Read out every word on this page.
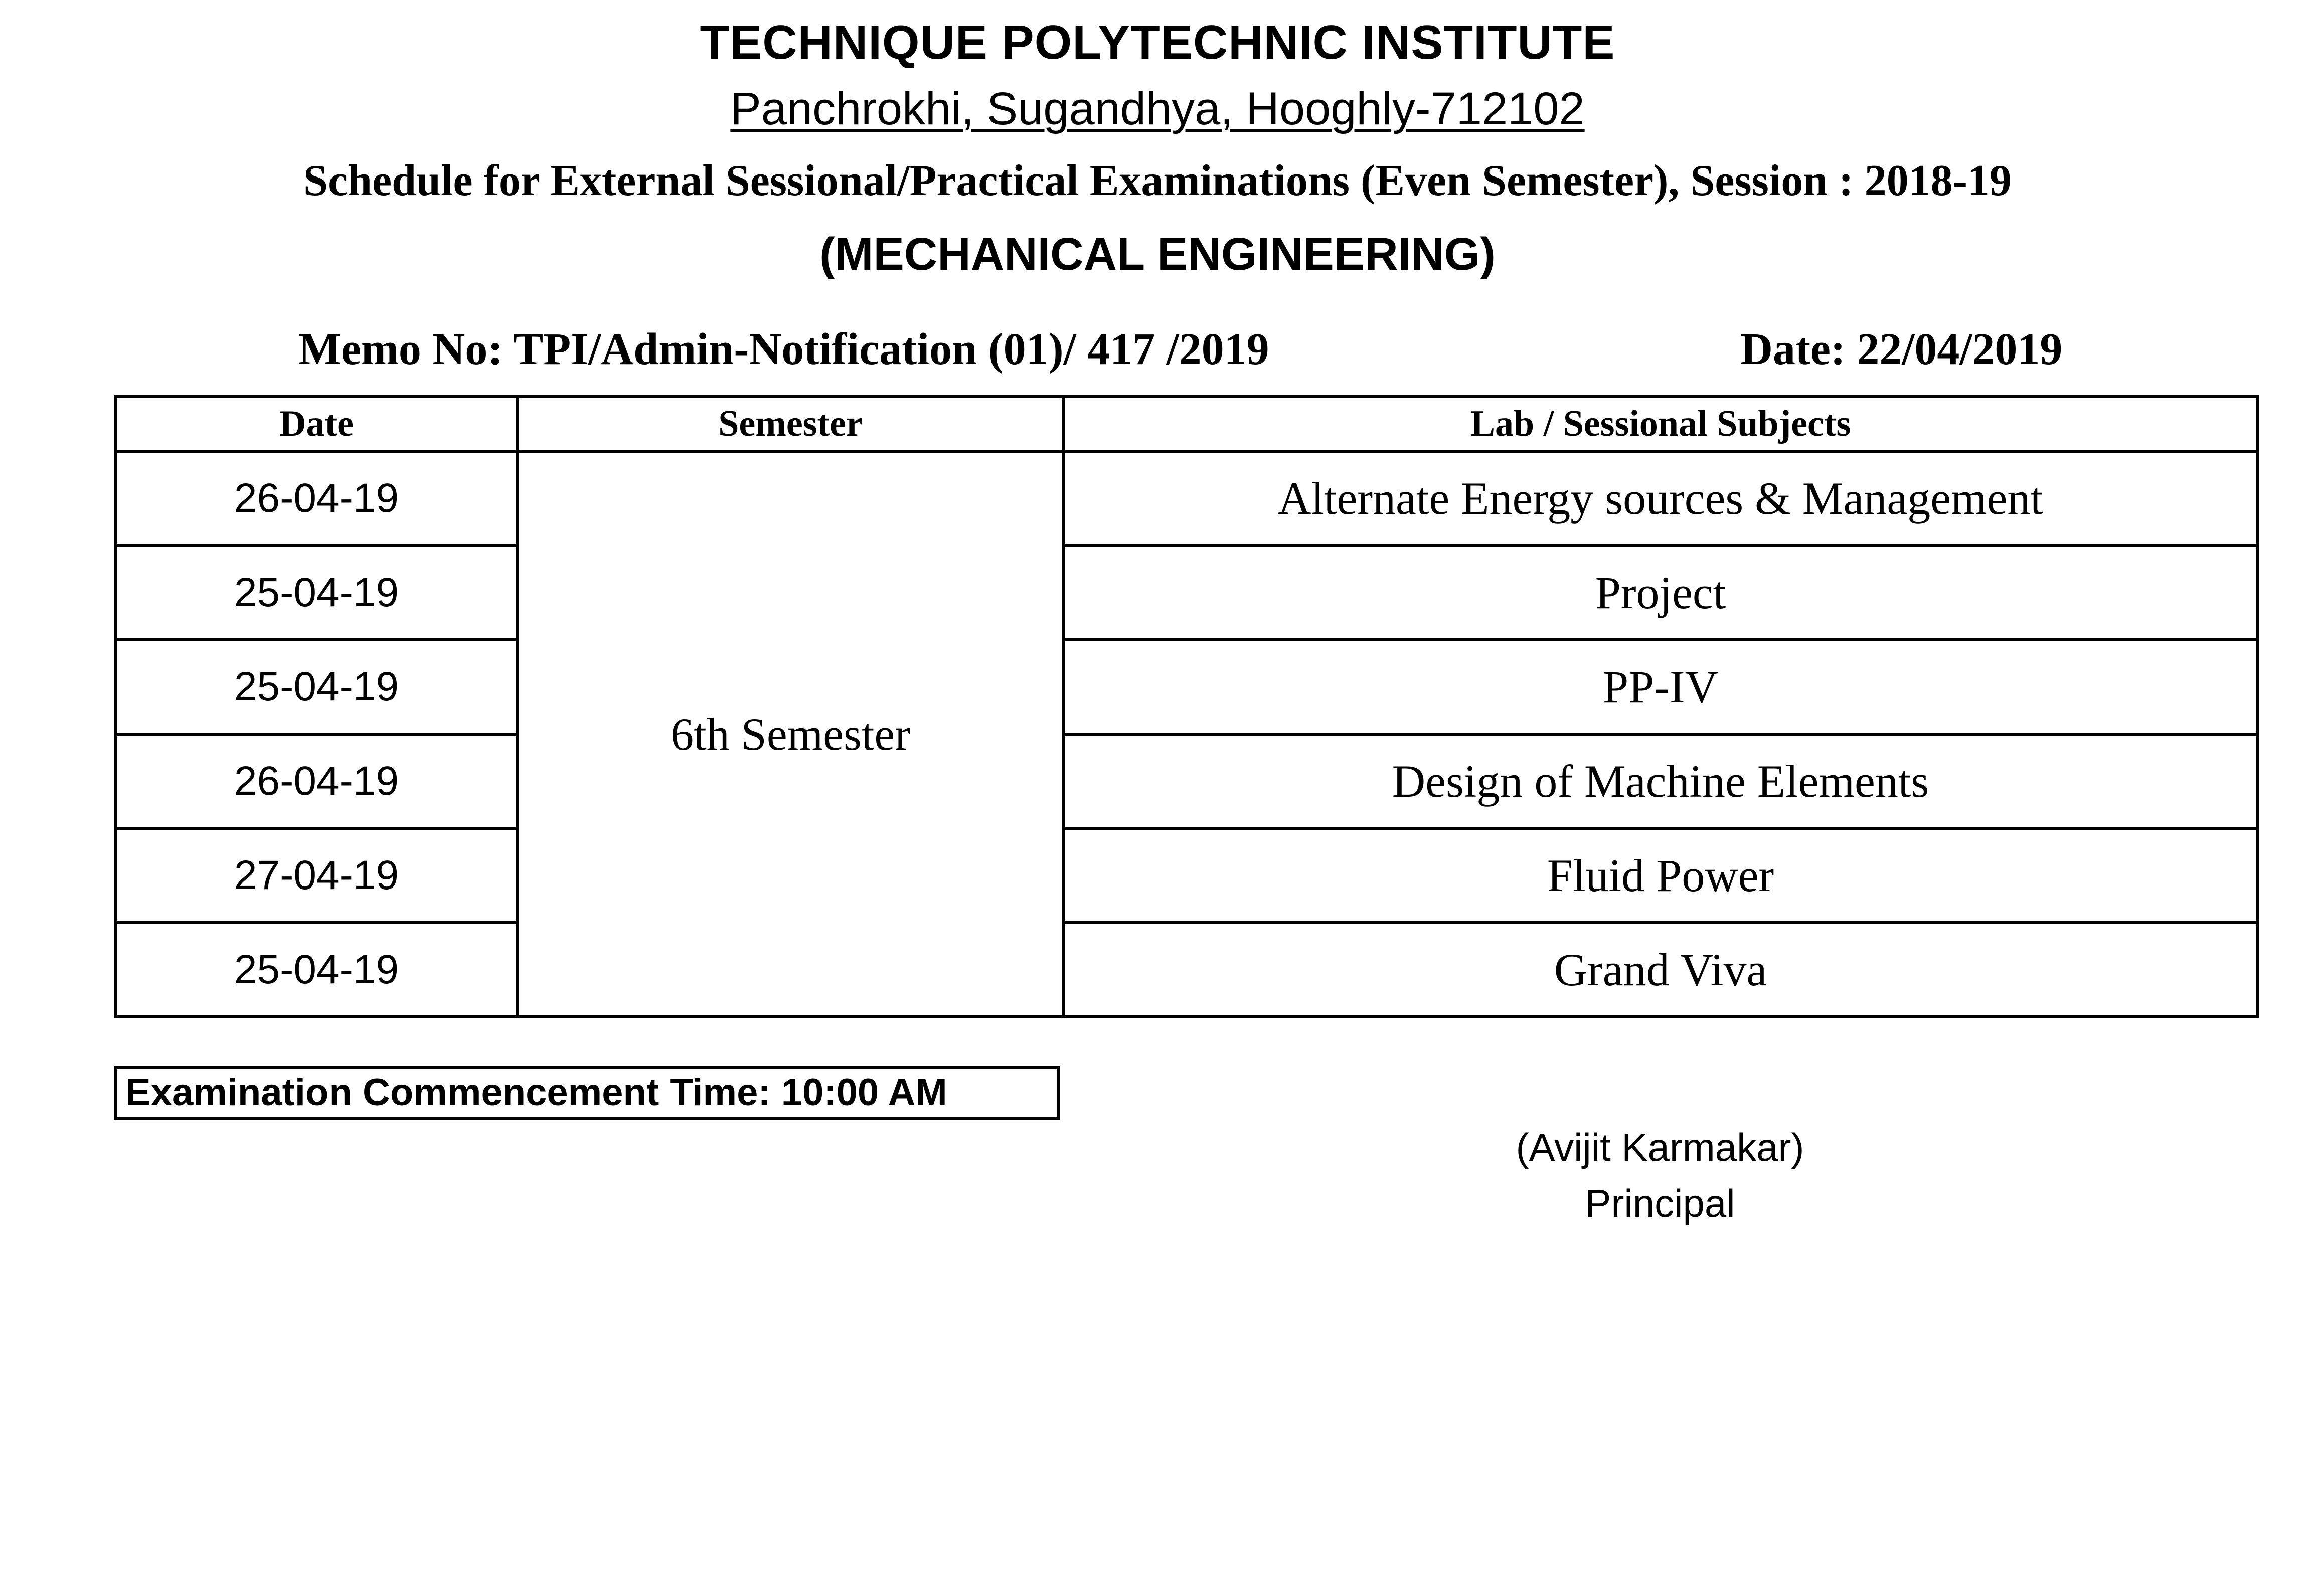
TECHNIQUE POLYTECHNIC INSTITUTE
Panchrokhi, Sugandhya, Hooghly-712102
Schedule for External Sessional/Practical Examinations (Even Semester), Session : 2018-19
(MECHANICAL ENGINEERING)
Memo No: TPI/Admin-Notification (01)/ 417 /2019	Date: 22/04/2019
Date	Semester	Lab / Sessional Subjects
26-04-19	6th Semester	Alternate Energy sources & Management
25-04-19		Project
25-04-19		PP-IV
26-04-19		Design of Machine Elements
27-04-19		Fluid Power
25-04-19		Grand Viva
Examination Commencement Time: 10:00 AM
(Avijit Karmakar)
Principal
